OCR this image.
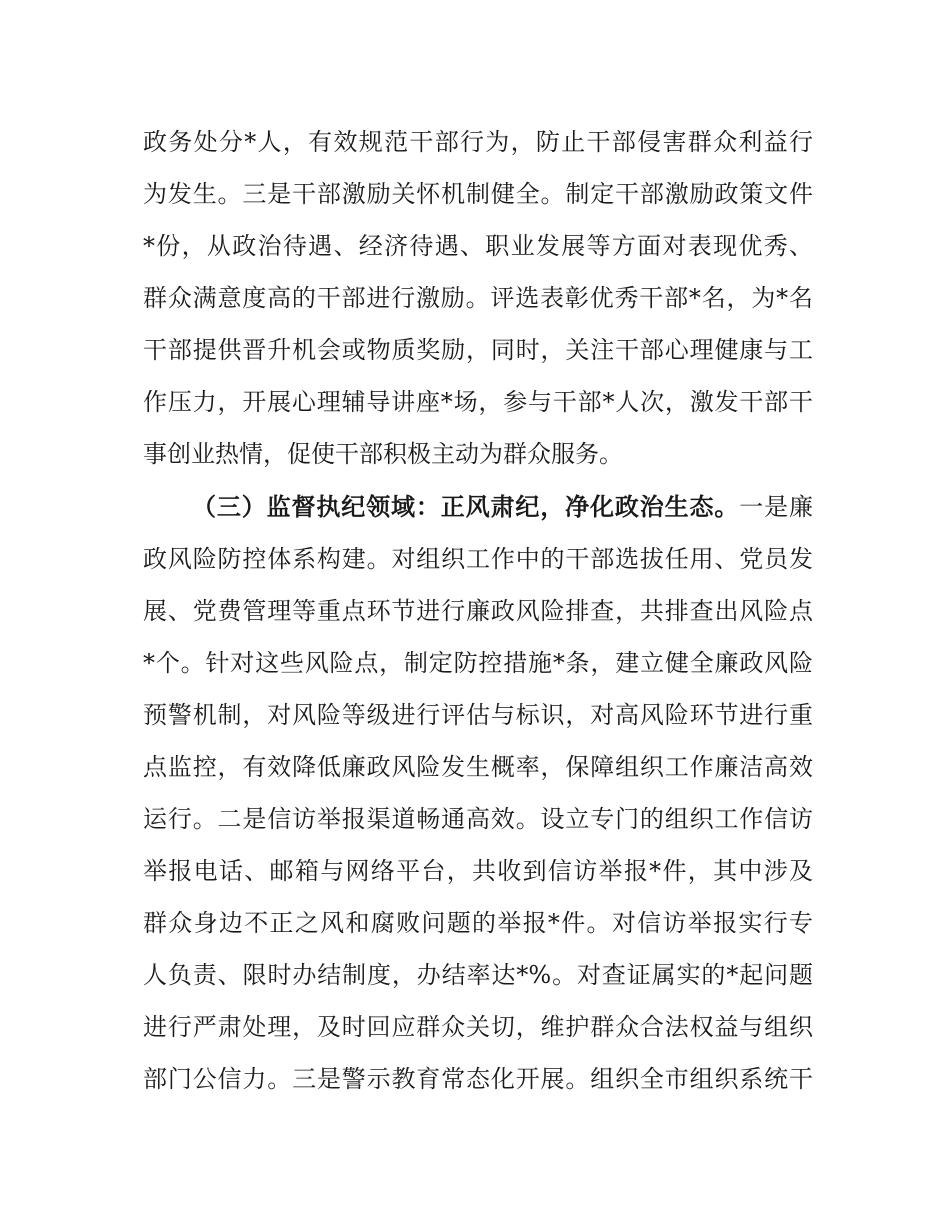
政务处分*人，有效规范干部行为，防止干部侵害群众利益行
为发生。三是干部激励关怀机制健全。制定干部激励政策文件
*份，从政治待遇、经济待遇、职业发展等方面对表现优秀、
群众满意度高的干部进行激励。评选表彰优秀干部*名，为*名
干部提供晋升机会或物质奖励，同时，关注干部心理健康与工
作压力，开展心理辅导讲座*场，参与干部*人次，激发干部干
事创业热情，促使干部积极主动为群众服务。
（三）监督执纪领域：正风肃纪，净化政治生态。一是廉
政风险防控体系构建。对组织工作中的干部选拔任用、党员发
展、党费管理等重点环节进行廉政风险排查，共排查出风险点
*个。针对这些风险点，制定防控措施*条，建立健全廉政风险
预警机制，对风险等级进行评估与标识，对高风险环节进行重
点监控，有效降低廉政风险发生概率，保障组织工作廉洁高效
运行。二是信访举报渠道畅通高效。设立专门的组织工作信访
举报电话、邮箱与网络平台，共收到信访举报*件，其中涉及
群众身边不正之风和腐败问题的举报*件。对信访举报实行专
人负责、限时办结制度，办结率达*%。对查证属实的*起问题
进行严肃处理，及时回应群众关切，维护群众合法权益与组织
部门公信力。三是警示教育常态化开展。组织全市组织系统干
